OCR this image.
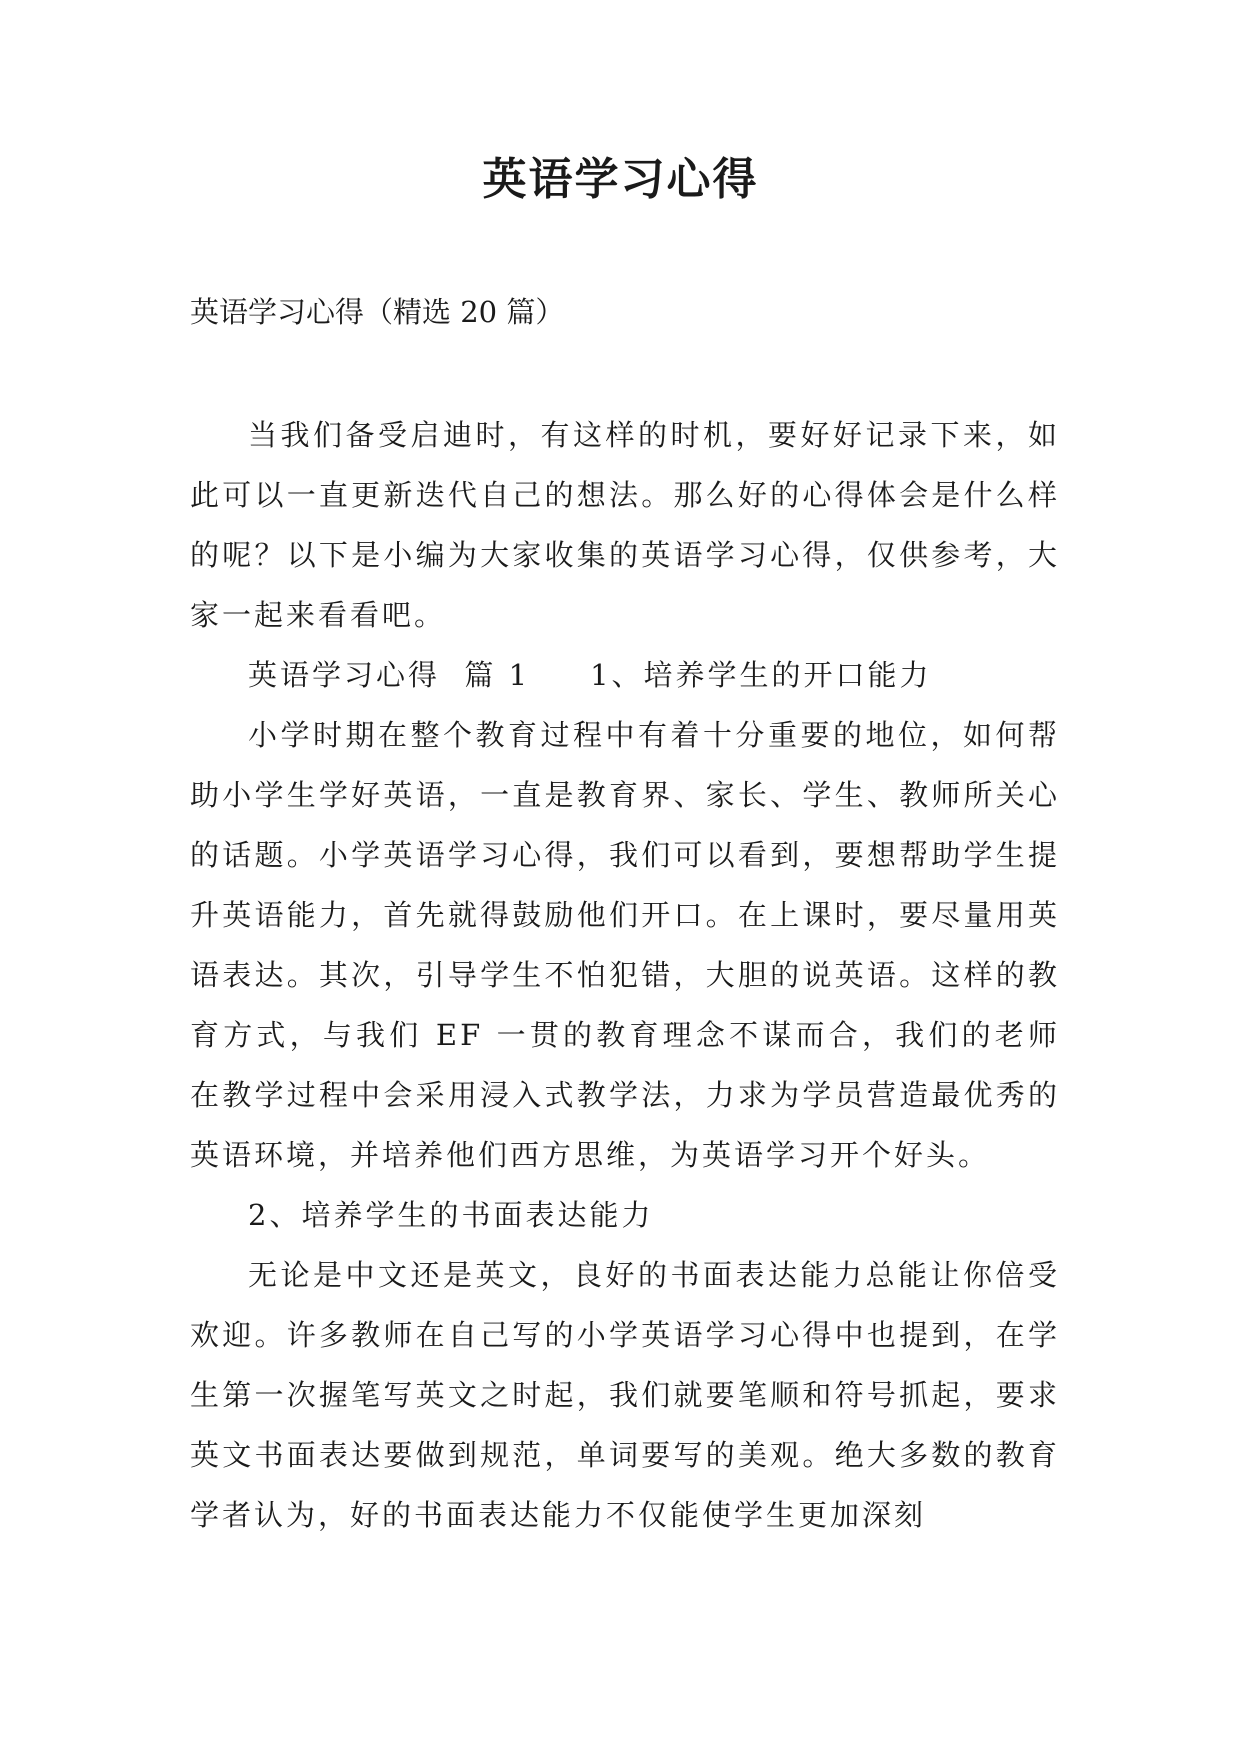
英语学习心得

英语学习心得（精选 20 篇）

当我们备受启迪时，有这样的时机，要好好记录下来，如此可以一直更新迭代自己的想法。那么好的心得体会是什么样的呢？以下是小编为大家收集的英语学习心得，仅供参考，大家一起来看看吧。

英语学习心得  篇 1 1、培养学生的开口能力

小学时期在整个教育过程中有着十分重要的地位，如何帮助小学生学好英语，一直是教育界、家长、学生、教师所关心的话题。小学英语学习心得，我们可以看到，要想帮助学生提升英语能力，首先就得鼓励他们开口。在上课时，要尽量用英语表达。其次，引导学生不怕犯错，大胆的说英语。这样的教育方式，与我们 EF 一贯的教育理念不谋而合，我们的老师在教学过程中会采用浸入式教学法，力求为学员营造最优秀的英语环境，并培养他们西方思维，为英语学习开个好头。

2、培养学生的书面表达能力

无论是中文还是英文，良好的书面表达能力总能让你倍受欢迎。许多教师在自己写的小学英语学习心得中也提到，在学生第一次握笔写英文之时起，我们就要笔顺和符号抓起，要求英文书面表达要做到规范，单词要写的美观。绝大多数的教育学者认为，好的书面表达能力不仅能使学生更加深刻
